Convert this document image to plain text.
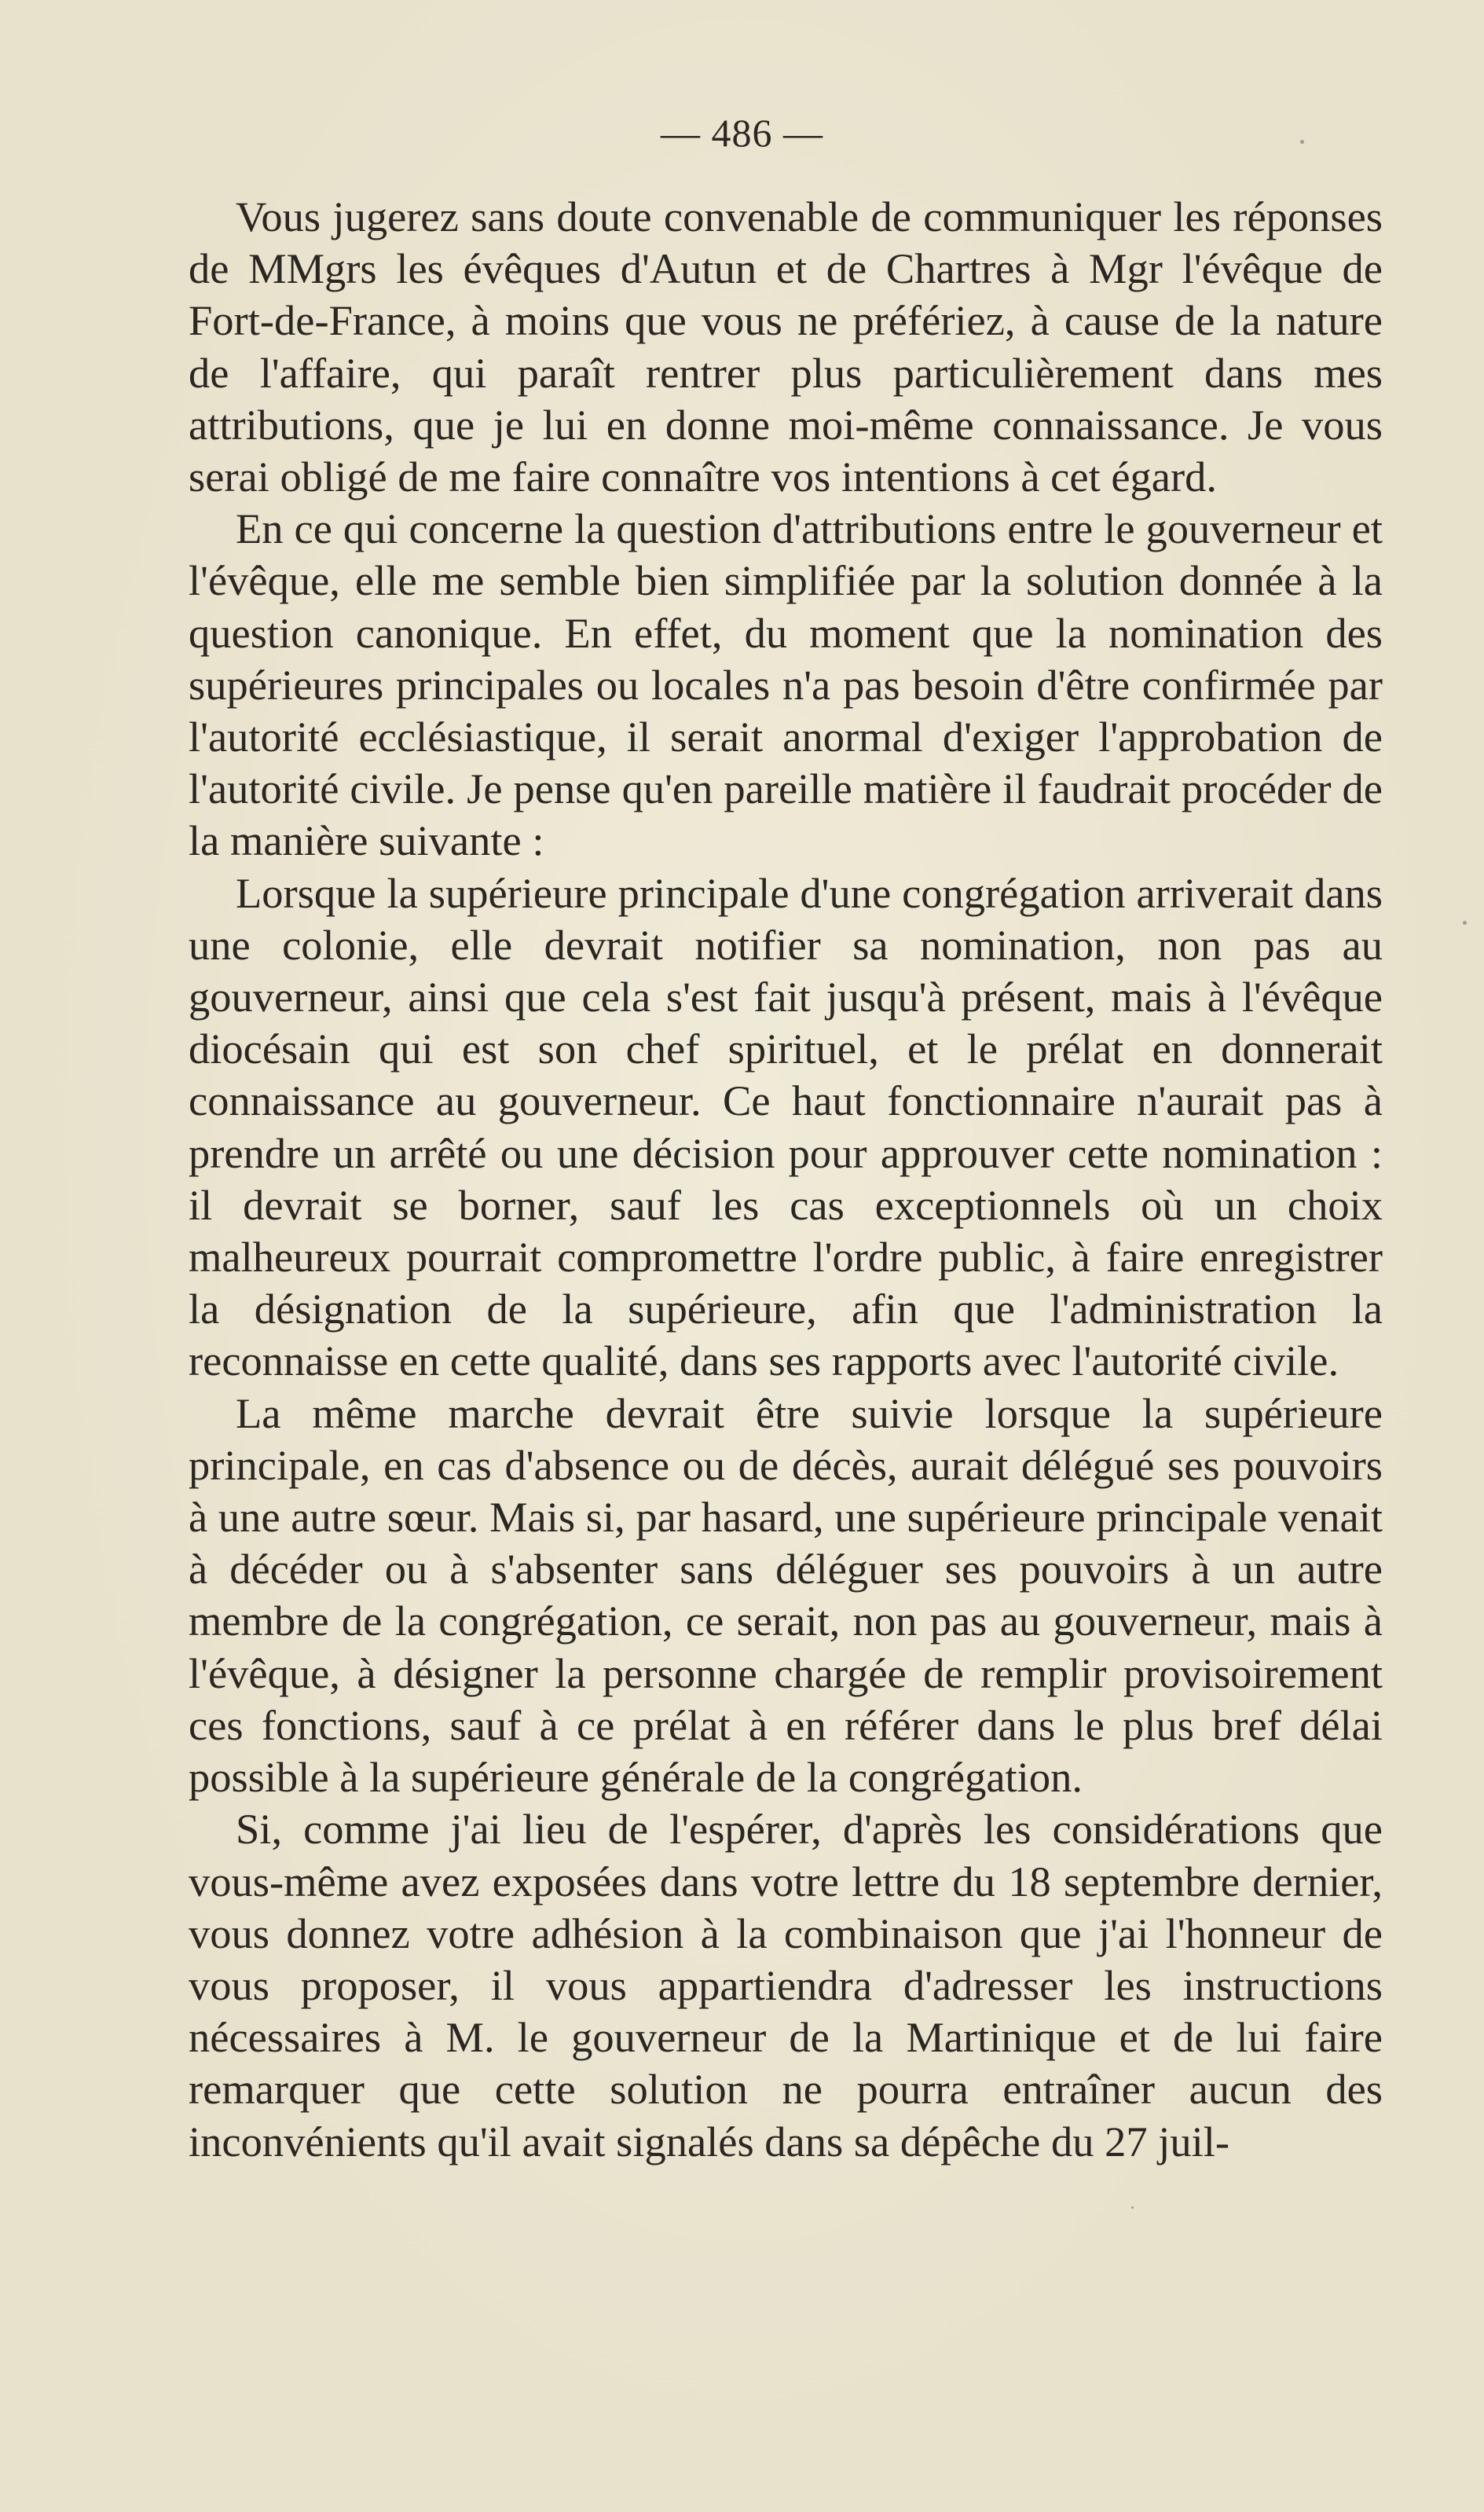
— 486 —

Vous jugerez sans doute convenable de communiquer les réponses de MMgrs les évêques d'Autun et de Chartres à Mgr l'évêque de Fort-de-France, à moins que vous ne préfériez, à cause de la nature de l'affaire, qui paraît rentrer plus particulièrement dans mes attributions, que je lui en donne moi-même connaissance. Je vous serai obligé de me faire connaître vos intentions à cet égard.

En ce qui concerne la question d'attributions entre le gouverneur et l'évêque, elle me semble bien simplifiée par la solution donnée à la question canonique. En effet, du moment que la nomination des supérieures principales ou locales n'a pas besoin d'être confirmée par l'autorité ecclésiastique, il serait anormal d'exiger l'approbation de l'autorité civile. Je pense qu'en pareille matière il faudrait procéder de la manière suivante :

Lorsque la supérieure principale d'une congrégation arriverait dans une colonie, elle devrait notifier sa nomination, non pas au gouverneur, ainsi que cela s'est fait jusqu'à présent, mais à l'évêque diocésain qui est son chef spirituel, et le prélat en donnerait connaissance au gouverneur. Ce haut fonctionnaire n'aurait pas à prendre un arrêté ou une décision pour approuver cette nomination : il devrait se borner, sauf les cas exceptionnels où un choix malheureux pourrait compromettre l'ordre public, à faire enregistrer la désignation de la supérieure, afin que l'administration la reconnaisse en cette qualité, dans ses rapports avec l'autorité civile.

La même marche devrait être suivie lorsque la supérieure principale, en cas d'absence ou de décès, aurait délégué ses pouvoirs à une autre sœur. Mais si, par hasard, une supérieure principale venait à décéder ou à s'absenter sans déléguer ses pouvoirs à un autre membre de la congrégation, ce serait, non pas au gouverneur, mais à l'évêque, à désigner la personne chargée de remplir provisoirement ces fonctions, sauf à ce prélat à en référer dans le plus bref délai possible à la supérieure générale de la congrégation.

Si, comme j'ai lieu de l'espérer, d'après les considérations que vous-même avez exposées dans votre lettre du 18 septembre dernier, vous donnez votre adhésion à la combinaison que j'ai l'honneur de vous proposer, il vous appartiendra d'adresser les instructions nécessaires à M. le gouverneur de la Martinique et de lui faire remarquer que cette solution ne pourra entraîner aucun des inconvénients qu'il avait signalés dans sa dépêche du 27 juil-
